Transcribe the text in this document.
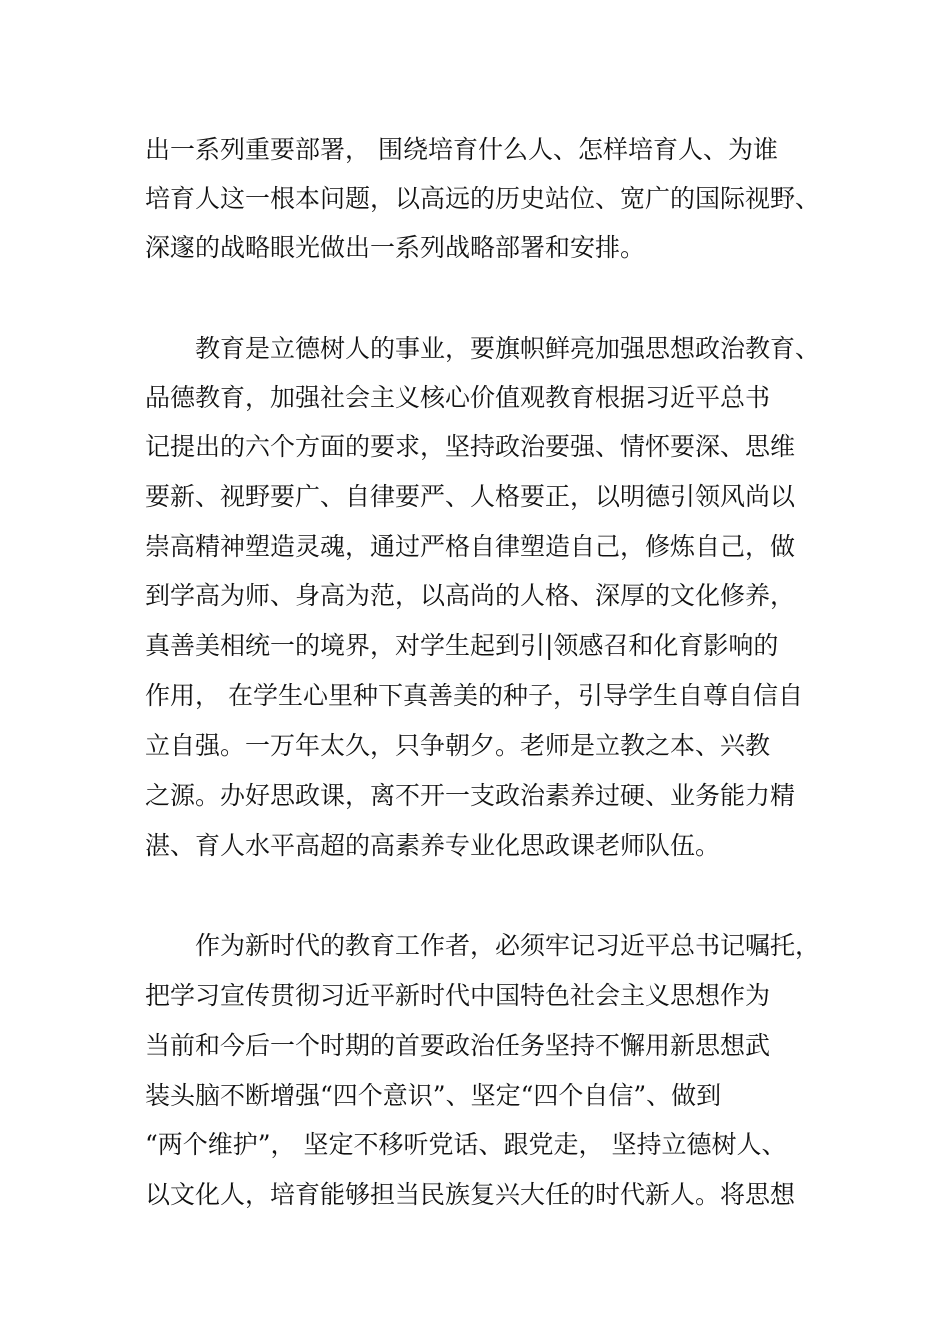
出一系列重要部署， 围绕培育什么人、怎样培育人、为谁
培育人这一根本问题，以高远的历史站位、宽广的国际视野、
深邃的战略眼光做出一系列战略部署和安排。
　　教育是立德树人的事业，要旗帜鲜亮加强思想政治教育、
品德教育，加强社会主义核心价值观教育根据习近平总书
记提出的六个方面的要求，坚持政治要强、情怀要深、思维
要新、视野要广、自律要严、人格要正，以明德引领风尚以
崇高精神塑造灵魂，通过严格自律塑造自己，修炼自己，做
到学高为师、身高为范，以高尚的人格、深厚的文化修养，
真善美相统一的境界，对学生起到引|领感召和化育影响的
作用， 在学生心里种下真善美的种子，引导学生自尊自信自
立自强。一万年太久，只争朝夕。老师是立教之本、兴教
之源。办好思政课，离不开一支政治素养过硬、业务能力精
湛、育人水平高超的高素养专业化思政课老师队伍。
　　作为新时代的教育工作者，必须牢记习近平总书记嘱托，
把学习宣传贯彻习近平新时代中国特色社会主义思想作为
当前和今后一个时期的首要政治任务坚持不懈用新思想武
装头脑不断增强“四个意识”、坚定“四个自信”、做到
“两个维护”， 坚定不移听党话、跟党走， 坚持立德树人、
以文化人，培育能够担当民族复兴大任的时代新人。将思想
